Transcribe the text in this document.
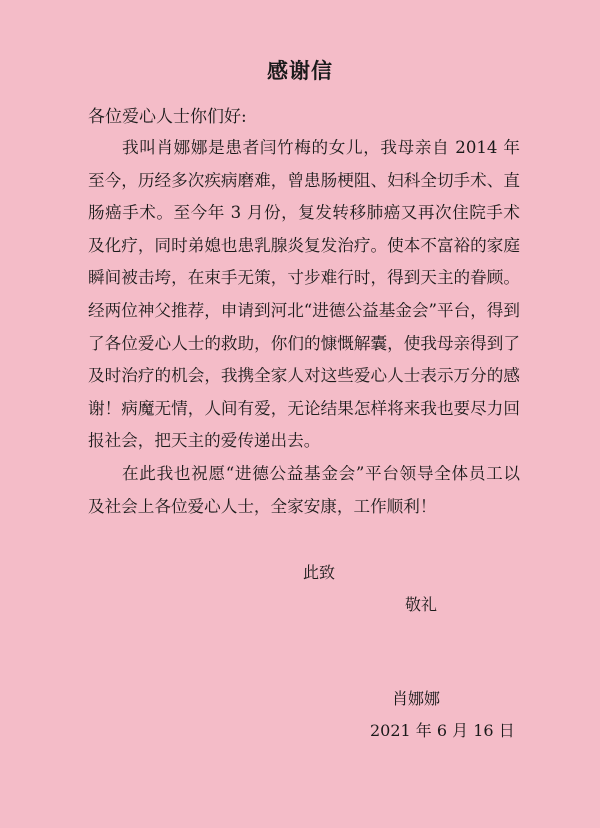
感谢信
各位爱心人士你们好:

我叫肖娜娜是患者闫竹梅的女儿，我母亲自 2014 年至今，历经多次疾病磨难，曾患肠梗阻、妇科全切手术、直肠癌手术。至今年 3 月份，复发转移肺癌又再次住院手术及化疗，同时弟媳也患乳腺炎复发治疗。使本不富裕的家庭瞬间被击垮，在束手无策，寸步难行时，得到天主的眷顾。经两位神父推荐，申请到河北“进德公益基金会”平台，得到了各位爱心人士的救助，你们的慷慨解囊，使我母亲得到了及时治疗的机会，我携全家人对这些爱心人士表示万分的感谢！病魔无情，人间有爱，无论结果怎样将来我也要尽力回报社会，把天主的爱传递出去。

在此我也祝愿“进德公益基金会”平台领导全体员工以及社会上各位爱心人士，全家安康，工作顺利！

此致
敬礼
肖娜娜
2021 年 6 月 16 日
